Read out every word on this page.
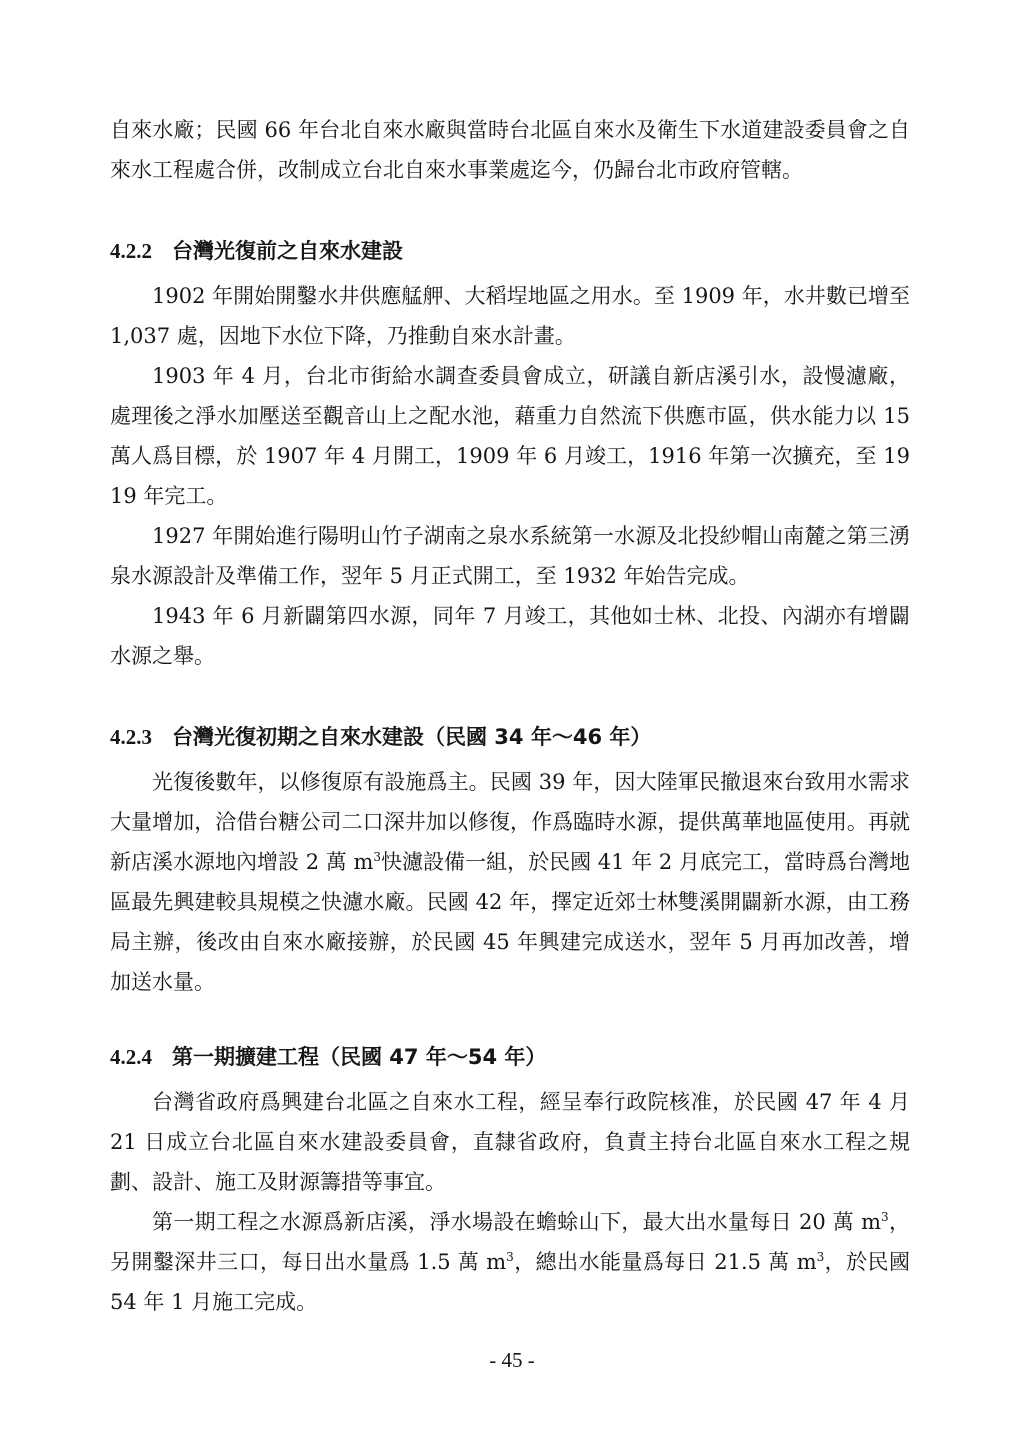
自來水廠；民國 66 年台北自來水廠與當時台北區自來水及衛生下水道建設委員會之自來水工程處合併，改制成立台北自來水事業處迄今，仍歸台北市政府管轄。

4.2.2 台灣光復前之自來水建設

1902 年開始開鑿水井供應艋舺、大稻埕地區之用水。至 1909 年，水井數已增至 1,037 處，因地下水位下降，乃推動自來水計畫。

1903 年 4 月，台北市街給水調查委員會成立，研議自新店溪引水，設慢濾廠，處理後之淨水加壓送至觀音山上之配水池，藉重力自然流下供應市區，供水能力以 15 萬人爲目標，於 1907 年 4 月開工，1909 年 6 月竣工，1916 年第一次擴充，至 1919 年完工。

1927 年開始進行陽明山竹子湖南之泉水系統第一水源及北投紗帽山南麓之第三湧泉水源設計及準備工作，翌年 5 月正式開工，至 1932 年始告完成。

1943 年 6 月新闢第四水源，同年 7 月竣工，其他如士林、北投、內湖亦有增闢水源之舉。

4.2.3 台灣光復初期之自來水建設（民國 34 年～46 年）

光復後數年，以修復原有設施爲主。民國 39 年，因大陸軍民撤退來台致用水需求大量增加，洽借台糖公司二口深井加以修復，作爲臨時水源，提供萬華地區使用。再就新店溪水源地內增設 2 萬 $m^3$快濾設備一組，於民國 41 年 2 月底完工，當時爲台灣地區最先興建較具規模之快濾水廠。民國 42 年，擇定近郊士林雙溪開闢新水源，由工務局主辦，後改由自來水廠接辦，於民國 45 年興建完成送水，翌年 5 月再加改善，增加送水量。

4.2.4 第一期擴建工程（民國 47 年～54 年）

台灣省政府爲興建台北區之自來水工程，經呈奉行政院核准，於民國 47 年 4 月 21 日成立台北區自來水建設委員會，直隸省政府，負責主持台北區自來水工程之規劃、設計、施工及財源籌措等事宜。

第一期工程之水源爲新店溪，淨水場設在蟾蜍山下，最大出水量每日 20 萬 $m^3$，另開鑿深井三口，每日出水量爲 1.5 萬 $m^3$，總出水能量爲每日 21.5 萬 $m^3$，於民國 54 年 1 月施工完成。

- 45 -
